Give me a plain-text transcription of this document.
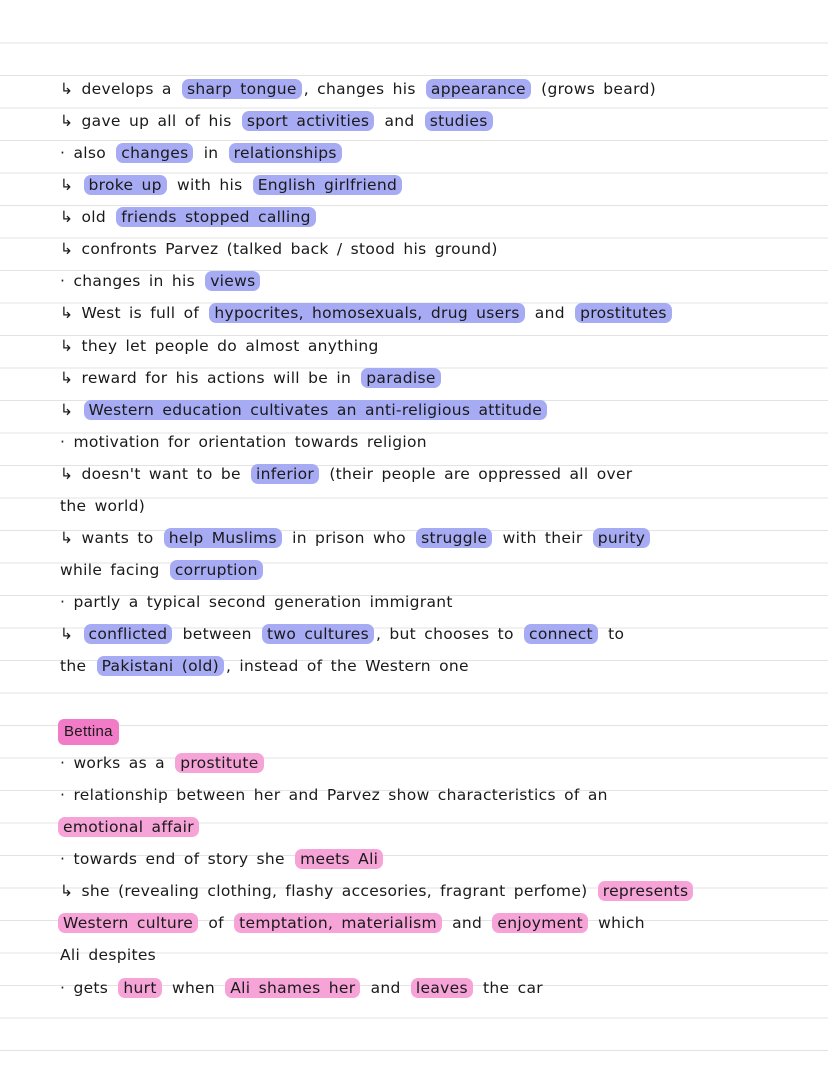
Bettina
↳ develops a sharp tongue , changes his appearance (grows beard)
↳ gave up all of his sport activities and studies
· also changes in relationships
↳ broke up with his English girlfriend
↳ old friends stopped calling
↳ confronts Parvez (talked back / stood his ground)
· changes in his views
↳ West is full of hypocrites, homosexuals, drug users and prostitutes
↳ they let people do almost anything
↳ reward for his actions will be in paradise
↳ Western education cultivates an anti-religious attitude
· motivation for orientation towards religion
↳ doesn't want to be inferior (their people are oppressed all over
the world)
↳ wants to help Muslims in prison who struggle with their purity
while facing corruption
· partly a typical second generation immigrant
↳ conflicted between two cultures , but chooses to connect to
the Pakistani (old) , instead of the Western one
· works as a prostitute
· relationship between her and Parvez show characteristics of an
emotional affair
· towards end of story she meets Ali
↳ she (revealing clothing, flashy accesories, fragrant perfome) represents
Western culture of temptation, materialism and enjoyment which
Ali despites
· gets hurt when Ali shames her and leaves the car
